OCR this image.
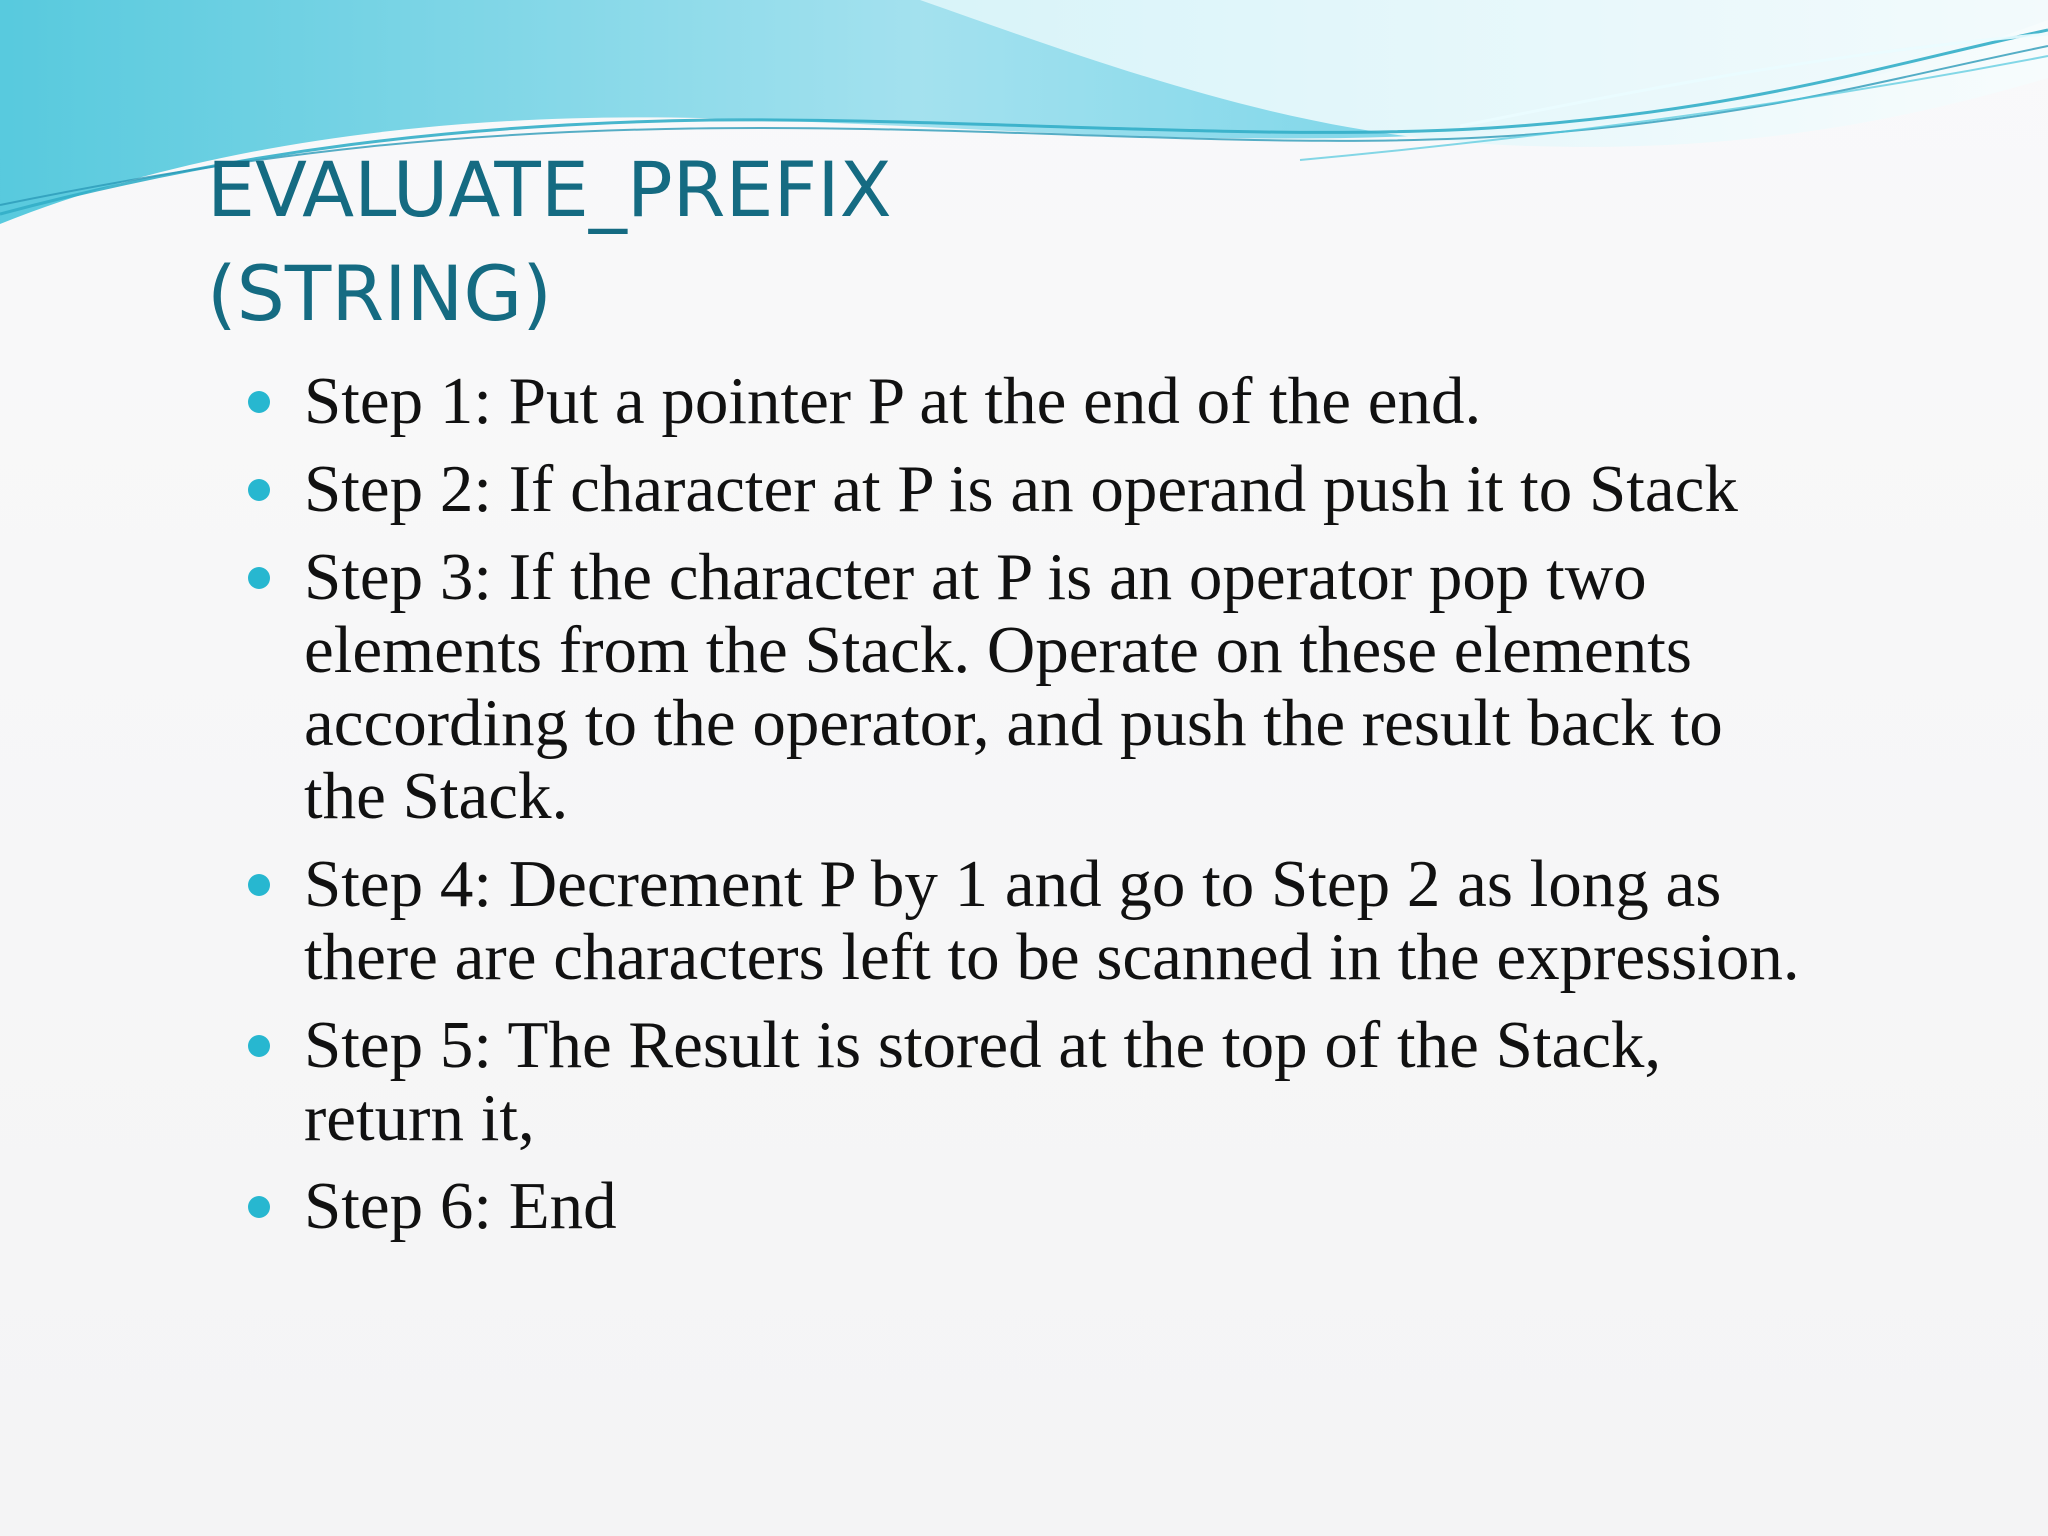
EVALUATE_PREFIX
(STRING)
Step 1: Put a pointer P at the end of the end.
Step 2: If character at P is an operand push it to Stack
Step 3: If the character at P is an operator pop two elements from the Stack. Operate on these elements according to the operator, and push the result back to the Stack.
Step 4: Decrement P by 1 and go to Step 2 as long as there are characters left to be scanned in the expression.
Step 5: The Result is stored at the top of the Stack, return it,
Step 6: End
